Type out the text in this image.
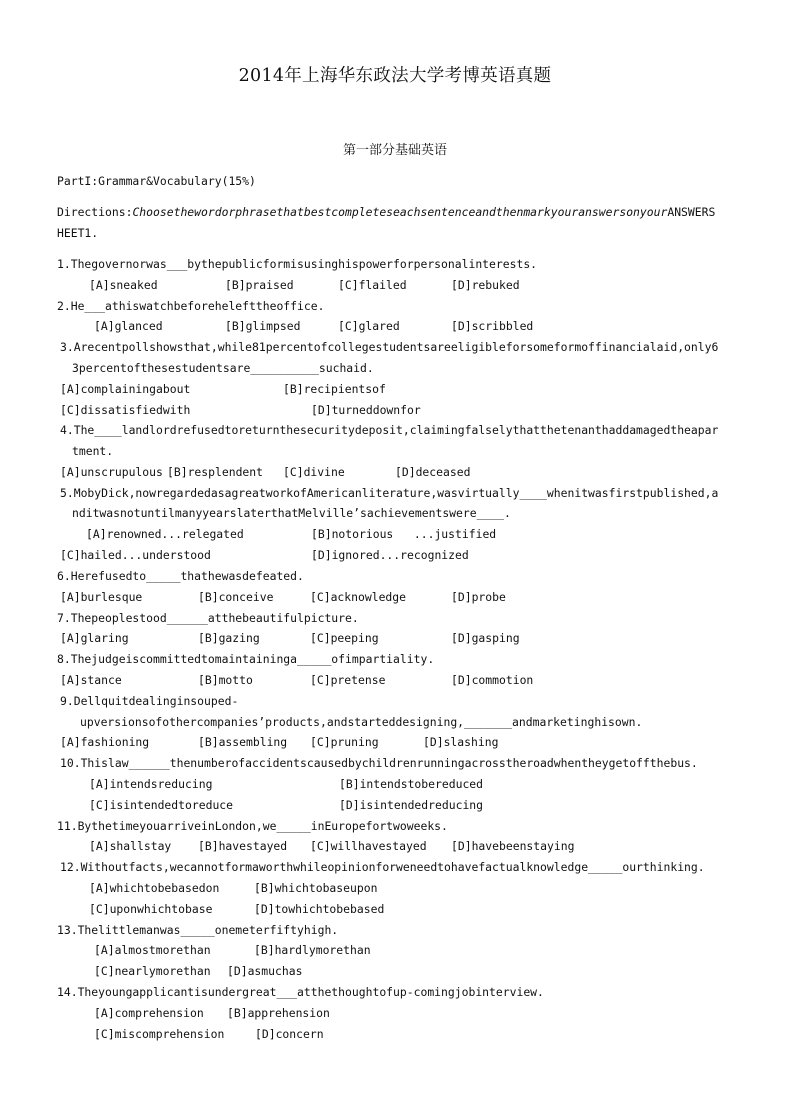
2014年上海华东政法大学考博英语真题
第一部分基础英语
PartI:Grammar&Vocabulary(15%)
Directions:ChoosethewordorphrasethatbestcompleteseachsentenceandthenmarkyouranswersonyourANSWERS
HEET1.
1.Thegovernorwas___bythepublicformisusinghispowerforpersonalinterests.
[A]sneaked	[B]praised	[C]flailed	[D]rebuked
2.He___athiswatchbeforehelefttheoffice.
[A]glanced	[B]glimpsed	[C]glared	[D]scribbled
3.Arecentpollshowsthat,while81percentofcollegestudentsareeligibleforsomeformoffinancialaid,only6
3percentofthesestudentsare__________suchaid.
[A]complainingabout	[B]recipientsof
[C]dissatisfiedwith	[D]turneddownfor
4.The____landlordrefusedtoreturnthesecuritydeposit,claimingfalselythatthetenanthaddamagedtheapar
tment.
[A]unscrupulous [B]resplendent [C]divine	[D]deceased
5.MobyDick,nowregardedasagreatworkofAmericanliterature,wasvirtually____whenitwasfirstpublished,a
nditwasnotuntilmanyyearslaterthatMelville’sachievementswere____.
[A]renowned...relegated	[B]notorious   ...justified
[C]hailed...understood	[D]ignored...recognized
6.Herefusedto_____thathewasdefeated.
[A]burlesque	[B]conceive	[C]acknowledge	[D]probe
7.Thepeoplestood______atthebeautifulpicture.
[A]glaring	[B]gazing	[C]peeping	[D]gasping
8.Thejudgeiscommittedtomaintaininga_____ofimpartiality.
[A]stance	[B]motto	[C]pretense	[D]commotion
9.Dellquitdealinginsouped-
upversionsofothercompanies’products,andstarteddesigning,_______andmarketinghisown.
[A]fashioning	[B]assembling [C]pruning	[D]slashing
10.Thislaw______thenumberofaccidentscausedbychildrenrunningacrosstheroadwhentheygetoffthebus.
[A]intendsreducing	[B]intendstobereduced
[C]isintendedtoreduce	[D]isintendedreducing
11.BythetimeyouarriveinLondon,we_____inEuropefortwoweeks.
[A]shallstay [B]havestayed [C]willhavestayed [D]havebeenstaying
12.Withoutfacts,wecannotformaworthwhileopinionforweneedtohavefactualknowledge_____ourthinking.
[A]whichtobebasedon	[B]whichtobaseupon
[C]uponwhichtobase	[D]towhichtobebased
13.Thelittlemanwas_____onemeterfiftyhigh.
[A]almostmorethan	[B]hardlymorethan
[C]nearlymorethan [D]asmuchas
14.Theyoungapplicantisundergreat___atthethoughtofup-comingjobinterview.
[A]comprehension [B]apprehension
[C]miscomprehension	[D]concern
